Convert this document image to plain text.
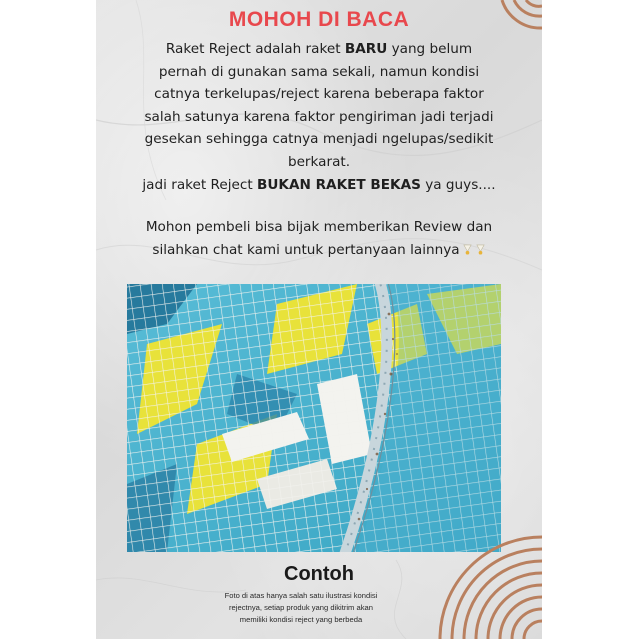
MOHOH DI BACA

Raket Reject adalah raket BARU yang belum

pernah di gunakan sama sekali, namun kondisi

catnya terkelupas/reject karena beberapa faktor

salah satunya karena faktor pengiriman jadi terjadi

gesekan sehingga catnya menjadi ngelupas/sedikit

berkarat.

jadi raket Reject BUKAN RAKET BEKAS ya guys....

Mohon pembeli bisa bijak memberikan Review dan

silahkan chat kami untuk pertanyaan lainnya

Contoh

Foto di atas hanya salah satu ilustrasi kondisi

rejectnya, setiap produk yang dikitrim akan

memiliki kondisi reject yang berbeda
